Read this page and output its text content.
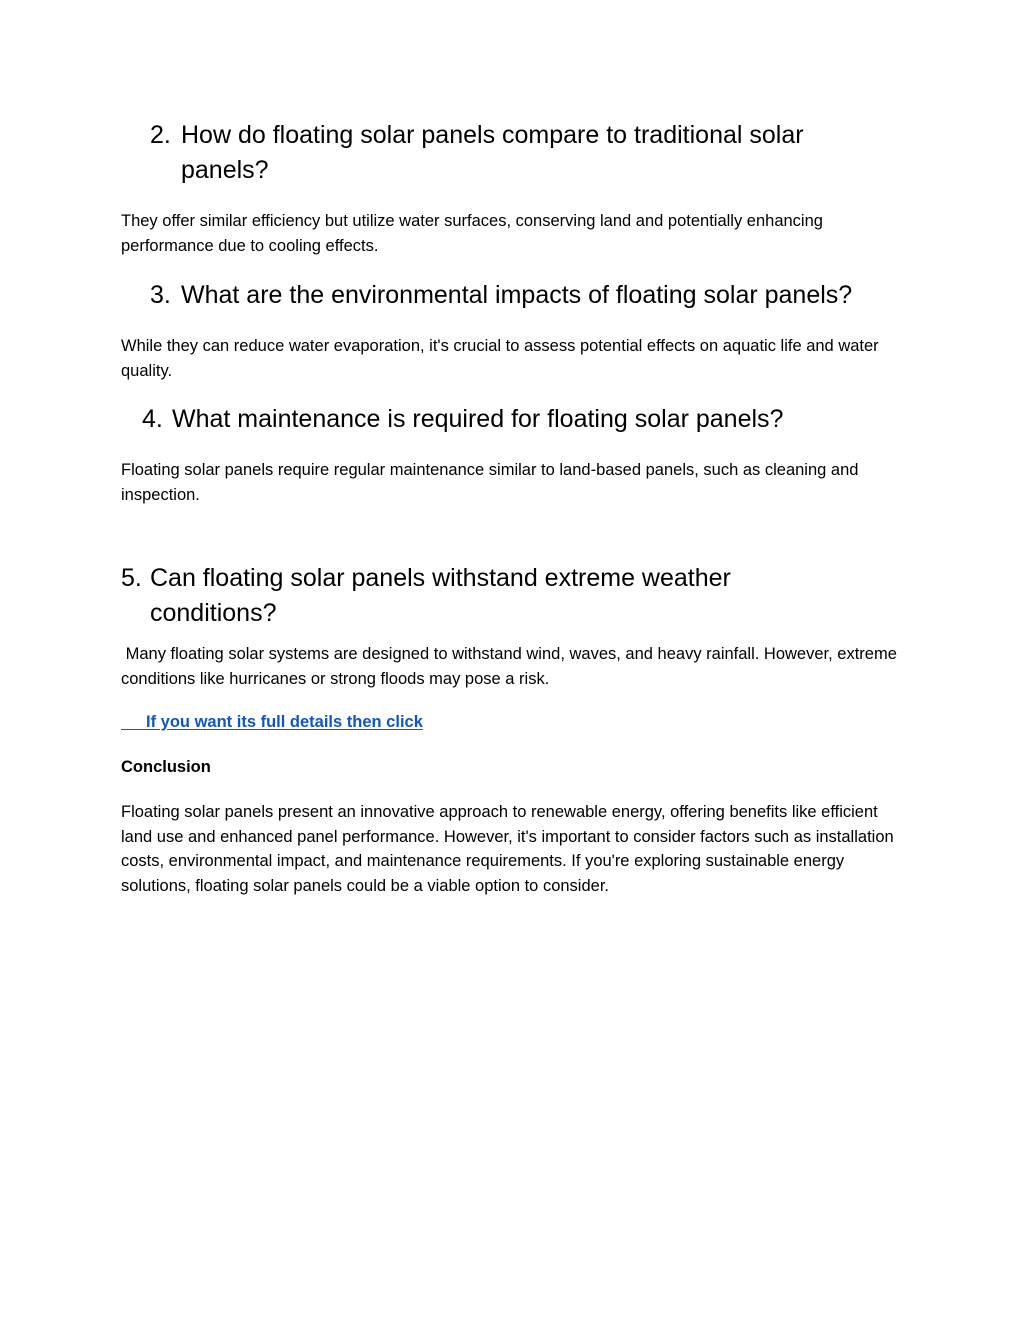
2. How do floating solar panels compare to traditional solar panels?

They offer similar efficiency but utilize water surfaces, conserving land and potentially enhancing performance due to cooling effects.

3. What are the environmental impacts of floating solar panels?

While they can reduce water evaporation, it's crucial to assess potential effects on aquatic life and water quality.

4. What maintenance is required for floating solar panels?

Floating solar panels require regular maintenance similar to land-based panels, such as cleaning and inspection.

5. Can floating solar panels withstand extreme weather conditions?

Many floating solar systems are designed to withstand wind, waves, and heavy rainfall. However, extreme conditions like hurricanes or strong floods may pose a risk.

If you want its full details then click

Conclusion

Floating solar panels present an innovative approach to renewable energy, offering benefits like efficient land use and enhanced panel performance. However, it's important to consider factors such as installation costs, environmental impact, and maintenance requirements. If you're exploring sustainable energy solutions, floating solar panels could be a viable option to consider.
